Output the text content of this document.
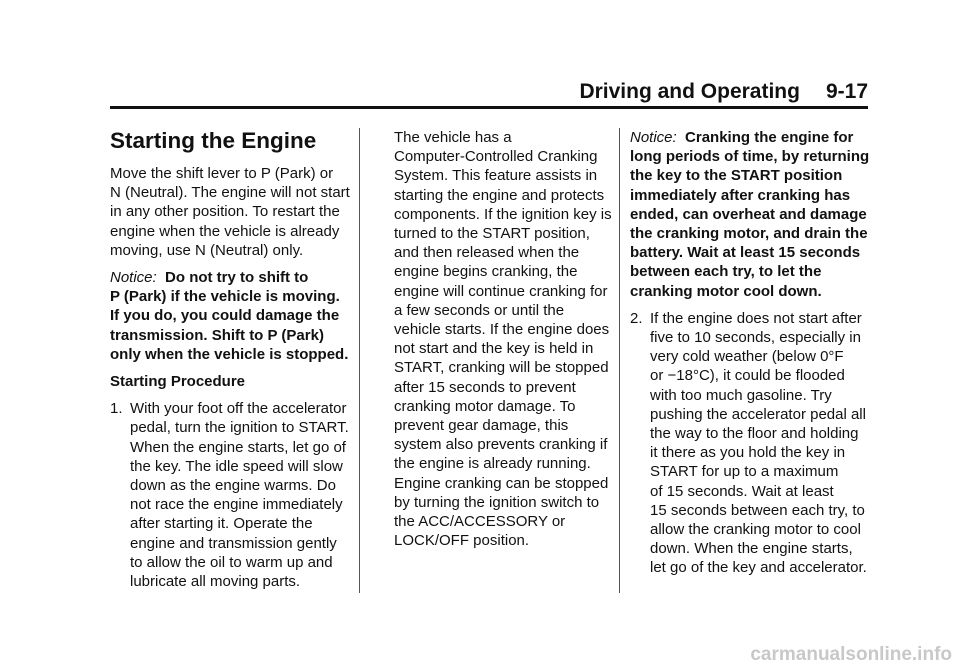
Driving and Operating 9-17
Starting the Engine

Move the shift lever to P (Park) or
N (Neutral). The engine will not start
in any other position. To restart the
engine when the vehicle is already
moving, use N (Neutral) only.

Notice: Do not try to shift to
P (Park) if the vehicle is moving.
If you do, you could damage the
transmission. Shift to P (Park)
only when the vehicle is stopped.

Starting Procedure
1. With your foot off the accelerator
pedal, turn the ignition to START.
When the engine starts, let go of
the key. The idle speed will slow
down as the engine warms. Do
not race the engine immediately
after starting it. Operate the
engine and transmission gently
to allow the oil to warm up and
lubricate all moving parts.

The vehicle has a
Computer-Controlled Cranking
System. This feature assists in
starting the engine and protects
components. If the ignition key is
turned to the START position,
and then released when the
engine begins cranking, the
engine will continue cranking for
a few seconds or until the
vehicle starts. If the engine does
not start and the key is held in
START, cranking will be stopped
after 15 seconds to prevent
cranking motor damage. To
prevent gear damage, this
system also prevents cranking if
the engine is already running.
Engine cranking can be stopped
by turning the ignition switch to
the ACC/ACCESSORY or
LOCK/OFF position.

Notice: Cranking the engine for
long periods of time, by returning
the key to the START position
immediately after cranking has
ended, can overheat and damage
the cranking motor, and drain the
battery. Wait at least 15 seconds
between each try, to let the
cranking motor cool down.

2. If the engine does not start after
five to 10 seconds, especially in
very cold weather (below 0°F
or −18°C), it could be flooded
with too much gasoline. Try
pushing the accelerator pedal all
the way to the floor and holding
it there as you hold the key in
START for up to a maximum
of 15 seconds. Wait at least
15 seconds between each try, to
allow the cranking motor to cool
down. When the engine starts,
let go of the key and accelerator.
carmanualsonline.info
